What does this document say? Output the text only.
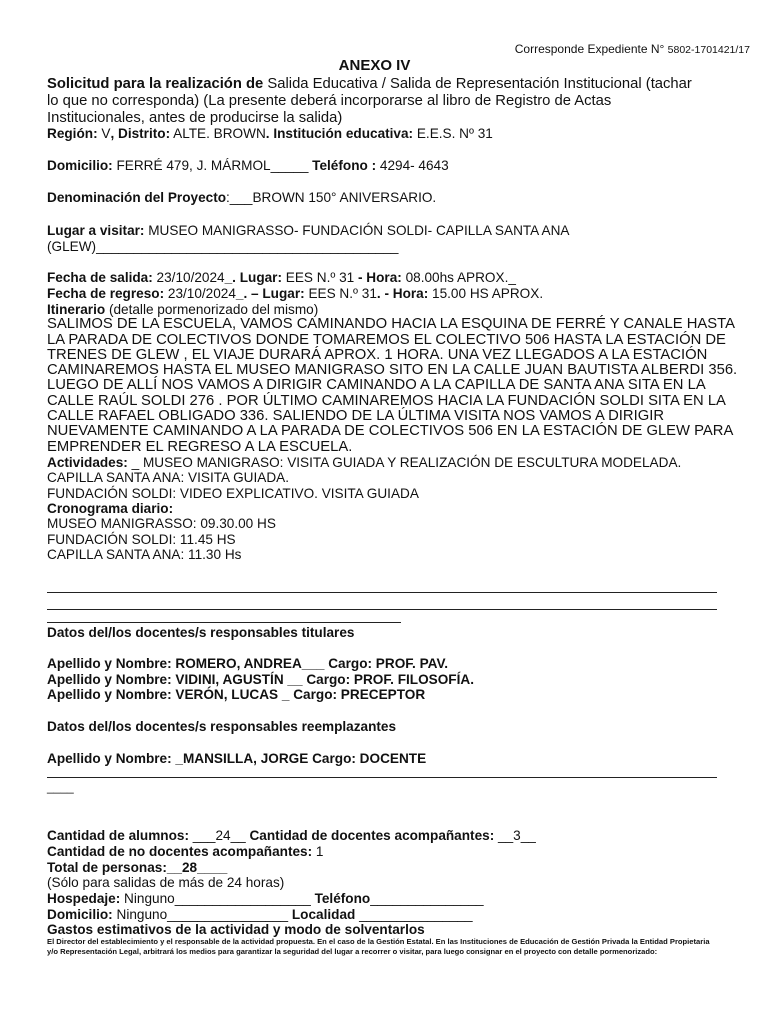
Corresponde Expediente N° 5802-1701421/17
ANEXO IV
Solicitud para la realización de Salida Educativa / Salida de Representación Institucional (tachar
lo que no corresponda) (La presente deberá incorporarse al libro de Registro de Actas
Institucionales, antes de producirse la salida)
Región: V, Distrito: ALTE. BROWN. Institución educativa: E.E.S. Nº 31
Domicilio: FERRÉ 479, J. MÁRMOL_____ Teléfono : 4294- 4643
Denominación del Proyecto:___BROWN 150° ANIVERSARIO.
Lugar a visitar: MUSEO MANIGRASSO- FUNDACIÓN SOLDI- CAPILLA SANTA ANA
(GLEW)________________________________________
Fecha de salida: 23/10/2024_. Lugar: EES N.º 31 - Hora: 08.00hs APROX._
Fecha de regreso: 23/10/2024_. – Lugar: EES N.º 31. - Hora: 15.00 HS APROX.
Itinerario (detalle pormenorizado del mismo)
SALIMOS DE LA ESCUELA, VAMOS CAMINANDO HACIA LA ESQUINA DE FERRÉ Y CANALE HASTA
LA PARADA DE COLECTIVOS DONDE TOMAREMOS EL COLECTIVO 506 HASTA LA ESTACIÓN DE
TRENES DE GLEW , EL VIAJE DURARÁ APROX. 1 HORA. UNA VEZ LLEGADOS A LA ESTACIÓN
CAMINAREMOS HASTA EL MUSEO MANIGRASO SITO EN LA CALLE JUAN BAUTISTA ALBERDI 356.
LUEGO DE ALLÍ NOS VAMOS A DIRIGIR CAMINANDO A LA CAPILLA DE SANTA ANA SITA EN LA
CALLE RAÚL SOLDI 276 . POR ÚLTIMO CAMINAREMOS HACIA LA FUNDACIÓN SOLDI SITA EN LA
CALLE RAFAEL OBLIGADO 336. SALIENDO DE LA ÚLTIMA VISITA NOS VAMOS A DIRIGIR
NUEVAMENTE CAMINANDO A LA PARADA DE COLECTIVOS 506 EN LA ESTACIÓN DE GLEW PARA
EMPRENDER EL REGRESO A LA ESCUELA.
Actividades: _ MUSEO MANIGRASO: VISITA GUIADA Y REALIZACIÓN DE ESCULTURA MODELADA.
CAPILLA SANTA ANA: VISITA GUIADA.
FUNDACIÓN SOLDI: VIDEO EXPLICATIVO. VISITA GUIADA
Cronograma diario:
MUSEO MANIGRASSO: 09.30.00 HS
FUNDACIÓN SOLDI: 11.45 HS
CAPILLA SANTA ANA: 11.30 Hs
Datos del/los docentes/s responsables titulares
Apellido y Nombre: ROMERO, ANDREA___ Cargo: PROF. PAV.
Apellido y Nombre: VIDINI, AGUSTÍN __ Cargo: PROF. FILOSOFÍA.
Apellido y Nombre: VERÓN, LUCAS _ Cargo: PRECEPTOR
Datos del/los docentes/s responsables reemplazantes
Apellido y Nombre: _MANSILLA, JORGE Cargo: DOCENTE
____
Cantidad de alumnos: ___24__ Cantidad de docentes acompañantes: __3__
Cantidad de no docentes acompañantes: 1
Total de personas:__28____
(Sólo para salidas de más de 24 horas)
Hospedaje: Ninguno__________________ Teléfono_______________
Domicilio: Ninguno________________ Localidad _______________
Gastos estimativos de la actividad y modo de solventarlos
El Director del establecimiento y el responsable de la actividad propuesta. En el caso de la Gestión Estatal. En las Instituciones de Educación de Gestión Privada la Entidad Propietaria y/o Representación Legal, arbitrará los medios para garantizar la seguridad del lugar a recorrer o visitar, para luego consignar en el proyecto con detalle pormenorizado:
